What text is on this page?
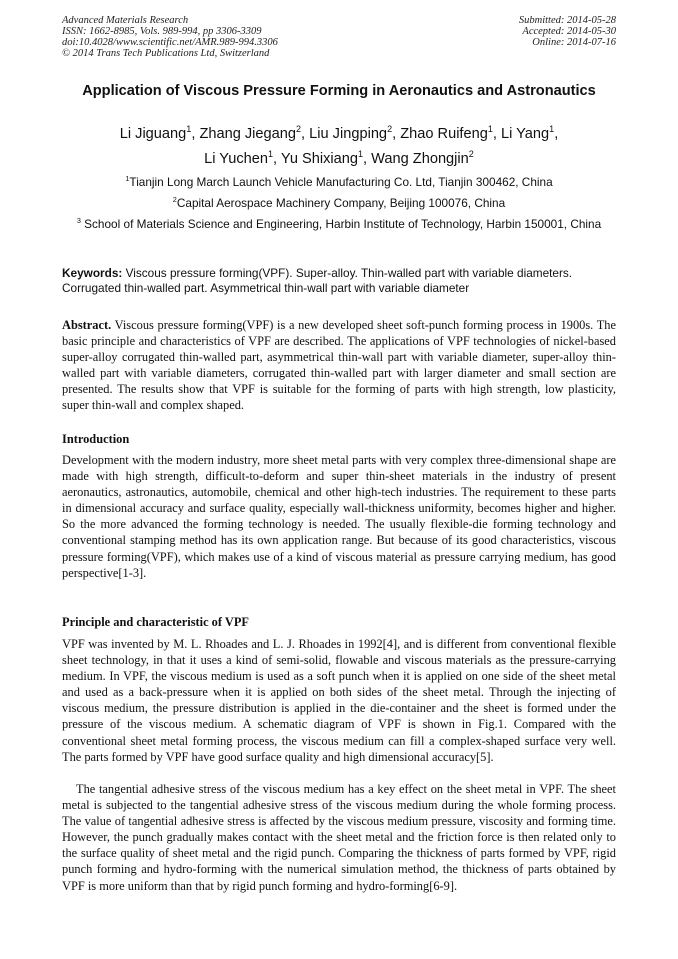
Advanced Materials Research
ISSN: 1662-8985, Vols. 989-994, pp 3306-3309
doi:10.4028/www.scientific.net/AMR.989-994.3306
© 2014 Trans Tech Publications Ltd, Switzerland
Submitted: 2014-05-28
Accepted: 2014-05-30
Online: 2014-07-16
Application of Viscous Pressure Forming in Aeronautics and Astronautics
Li Jiguang$^1$, Zhang Jiegang$^2$, Liu Jingping$^2$, Zhao Ruifeng$^1$, Li Yang$^1$,
Li Yuchen$^1$, Yu Shixiang$^1$, Wang Zhongjin$^2$
$^1$Tianjin Long March Launch Vehicle Manufacturing Co. Ltd, Tianjin 300462, China
$^2$Capital Aerospace Machinery Company, Beijing 100076, China
$^3$ School of Materials Science and Engineering, Harbin Institute of Technology, Harbin 150001, China
Keywords: Viscous pressure forming(VPF). Super-alloy. Thin-walled part with variable diameters. Corrugated thin-walled part. Asymmetrical thin-wall part with variable diameter
Abstract. Viscous pressure forming(VPF) is a new developed sheet soft-punch forming process in 1900s. The basic principle and characteristics of VPF are described. The applications of VPF technologies of nickel-based super-alloy corrugated thin-walled part, asymmetrical thin-wall part with variable diameter, super-alloy thin-walled part with variable diameters, corrugated thin-walled part with larger diameter and small section are presented. The results show that VPF is suitable for the forming of parts with high strength, low plasticity, super thin-wall and complex shaped.
Introduction
Development with the modern industry, more sheet metal parts with very complex three-dimensional shape are made with high strength, difficult-to-deform and super thin-sheet materials in the industry of present aeronautics, astronautics, automobile, chemical and other high-tech industries. The requirement to these parts in dimensional accuracy and surface quality, especially wall-thickness uniformity, becomes higher and higher. So the more advanced the forming technology is needed. The usually flexible-die forming technology and conventional stamping method has its own application range. But because of its good characteristics, viscous pressure forming(VPF), which makes use of a kind of viscous material as pressure carrying medium, has good perspective[1-3].
Principle and characteristic of VPF
VPF was invented by M. L. Rhoades and L. J. Rhoades in 1992[4], and is different from conventional flexible sheet technology, in that it uses a kind of semi-solid, flowable and viscous materials as the pressure-carrying medium. In VPF, the viscous medium is used as a soft punch when it is applied on one side of the sheet metal and used as a back-pressure when it is applied on both sides of the sheet metal. Through the injecting of viscous medium, the pressure distribution is applied in the die-container and the sheet is formed under the pressure of the viscous medium. A schematic diagram of VPF is shown in Fig.1. Compared with the conventional sheet metal forming process, the viscous medium can fill a complex-shaped surface very well. The parts formed by VPF have good surface quality and high dimensional accuracy[5].
The tangential adhesive stress of the viscous medium has a key effect on the sheet metal in VPF. The sheet metal is subjected to the tangential adhesive stress of the viscous medium during the whole forming process. The value of tangential adhesive stress is affected by the viscous medium pressure, viscosity and forming time. However, the punch gradually makes contact with the sheet metal and the friction force is then related only to the surface quality of sheet metal and the rigid punch. Comparing the thickness of parts formed by VPF, rigid punch forming and hydro-forming with the numerical simulation method, the thickness of parts obtained by VPF is more uniform than that by rigid punch forming and hydro-forming[6-9].
